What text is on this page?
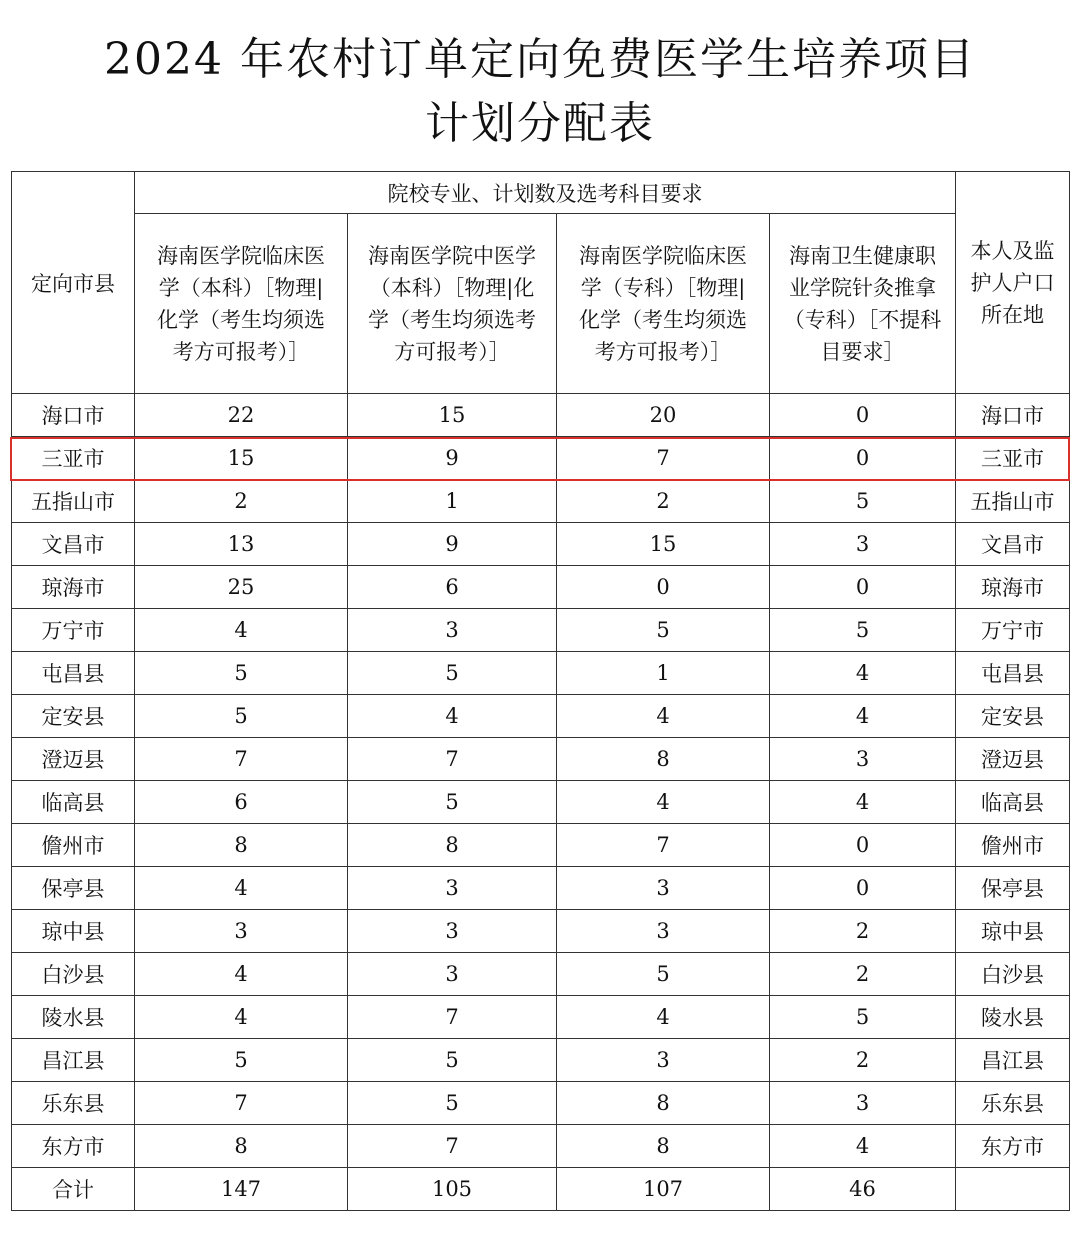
2024 年农村订单定向免费医学生培养项目
计划分配表
定向市县	院校专业、计划数及选考科目要求				本人及监护人户口所在地

	海南医学院临床医学（本科）［物理|化学（考生均须选考方可报考）］	海南医学院中医学（本科）［物理|化学（考生均须选考方可报考）］	海南医学院临床医学（专科）［物理|化学（考生均须选考方可报考）］	海南卫生健康职业学院针灸推拿（专科）［不提科目要求］	

海口市	22	15	20	0	海口市
三亚市	15	9	7	0	三亚市
五指山市	2	1	2	5	五指山市
文昌市	13	9	15	3	文昌市
琼海市	25	6	0	0	琼海市
万宁市	4	3	5	5	万宁市
屯昌县	5	5	1	4	屯昌县
定安县	5	4	4	4	定安县
澄迈县	7	7	8	3	澄迈县
临高县	6	5	4	4	临高县
儋州市	8	8	7	0	儋州市
保亭县	4	3	3	0	保亭县
琼中县	3	3	3	2	琼中县
白沙县	4	3	5	2	白沙县
陵水县	4	7	4	5	陵水县
昌江县	5	5	3	2	昌江县
乐东县	7	5	8	3	乐东县
东方市	8	7	8	4	东方市
合计	147	105	107	46	
